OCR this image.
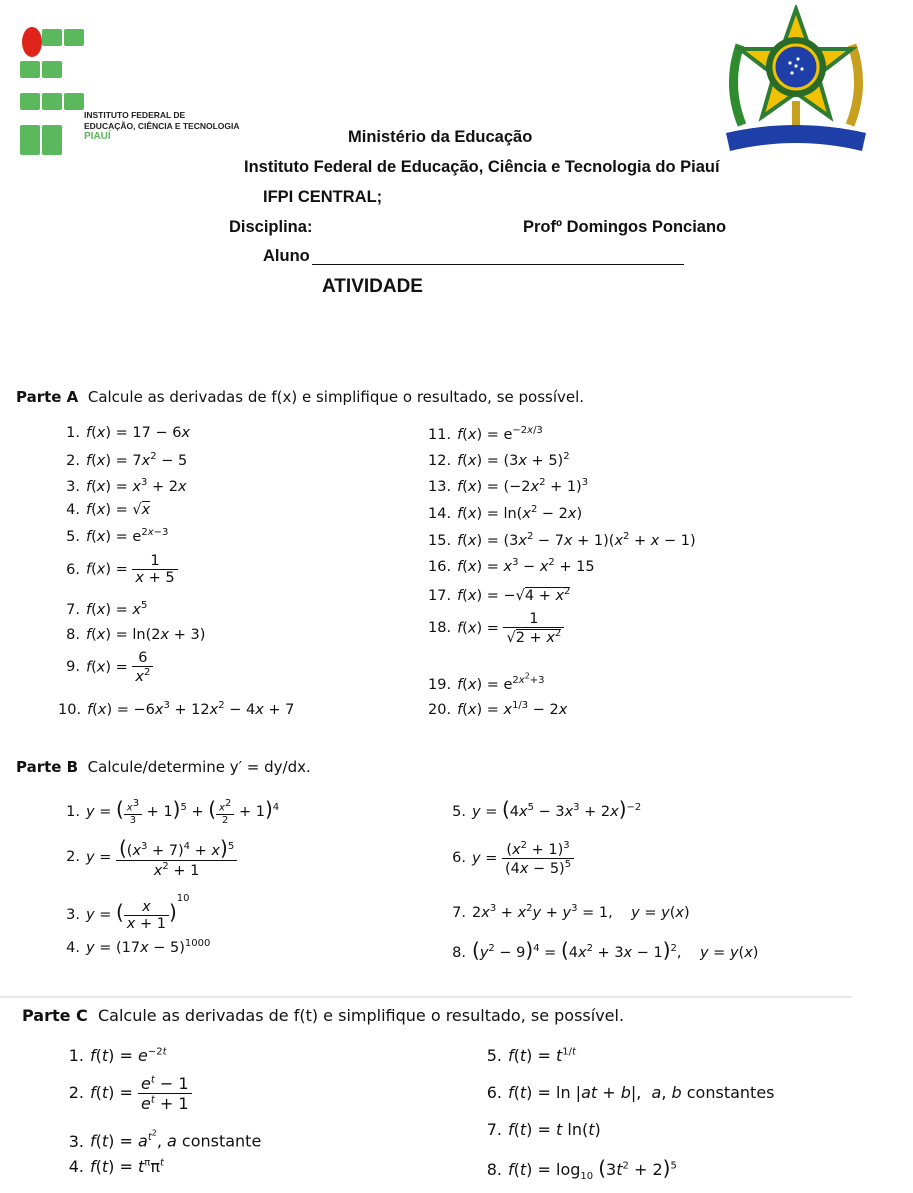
INSTITUTO FEDERAL DE
EDUCAÇÃO, CIÊNCIA E TECNOLOGIA
PIAUÍ	Ministério da Educação
Instituto Federal de Educação, Ciência e Tecnologia do Piauí
IFPI CENTRAL;
Disciplina:	Profº Domingos Ponciano
Aluno
ATIVIDADE
Parte A Calcule as derivadas de f(x) e simplifique o resultado, se possível.
1. f(x) = 17 − 6x
2. $f(x) = 7x^2 - 5$
3. $f(x) = x^3 + 2x$
4. f(x) = √x
5. $f(x) = e^{2x-3}$
6. $f(x) = \frac{1}{x + 5}$
7. $f(x) = x^5$
8. f(x) = ln(2x + 3)
9. $f(x) = \frac{6}{x^2}$
10. $f(x) = -6x^3 + 12x^2 - 4x + 7$
11. $f(x) = e^{-2x/3}$
12. $f(x) = (3x + 5)^2$
13. $f(x) = (-2x^2 + 1)^3$
14. $f(x) = \ln(x^2 - 2x)$
15. $f(x) = (3x^2 - 7x + 1)(x^2 + x - 1)$
16. $f(x) = x^3 - x^2 + 15$
17. $f(x) = -√4 + x^2$
18. $f(x) = \frac{1}{√2 + x^2}$
19. $f(x) = e^{2x^2+3}$
20. $f(x) = x^{1/3} - 2x$
Parte B Calcule/determine y′ = dy/dx.
1. y = ( $\frac{x^3}{3} + 1)^5$ + ( $\frac{x^2}{2} + 1)^4$
2. $y = \frac{((x^3 + 7)^4 + x)^5}{x^2 + 1}$
3. y = ( $\frac{x}{x + 1} )^{10}$
4. $y = (17x - 5)^{1000}$
5. $y = (4x^5 - 3x^3 + 2x)^{-2}$
6. $y = \frac{(x^2 + 1)^3}{(4x - 5)^5}$
7. $2x^3 + x^2y + y^3 = 1$,    y = y(x)
8. $(y^2 - 9)^4 = (4x^2 + 3x - 1)^2$,    y = y(x)
Parte C Calcule as derivadas de f(t) e simplifique o resultado, se possível.
1. $f(t) = e^{-2t}$
2. $f(t) = \frac{e^t - 1}{e^t + 1}$
3. $f(t) = a^{t^2}$, a constante
4. $f(t) = t^\pi\pi^t$
5. $f(t) = t^{1/t}$
6. f(t) = ln |at + b|,  a, b constantes
7. f(t) = t ln(t)
8. $f(t) = \log_{10} (3t^2 + 2)^5$
